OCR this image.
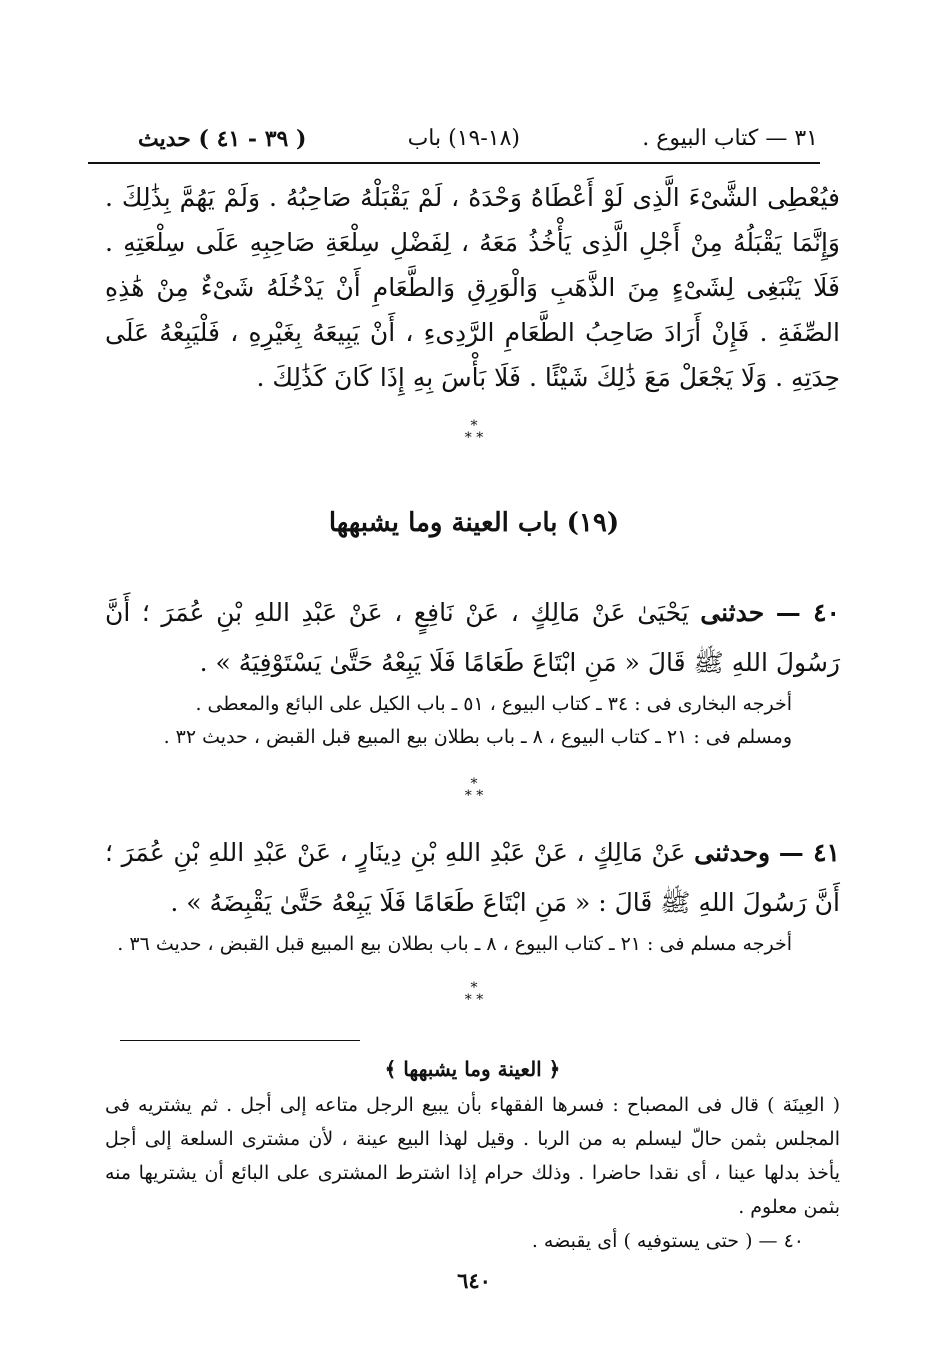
٣١ — كتاب البيوع .
(١٨-١٩) باب
( ٣٩ - ٤١ ) حديث

فيُعْطِى الشَّىْءَ الَّذِى لَوْ أَعْطَاهُ وَحْدَهُ ، لَمْ يَقْبَلْهُ صَاحِبُهُ . وَلَمْ يَهُمَّ بِذَٰلِكَ . وَإِنَّمَا يَقْبَلُهُ مِنْ أَجْلِ الَّذِى يَأْخُذُ مَعَهُ ، لِفَضْلِ سِلْعَةِ صَاحِبِهِ عَلَى سِلْعَتِهِ . فَلَا يَنْبَغِى لِشَىْءٍ مِنَ الذَّهَبِ وَالْوَرِقِ وَالطَّعَامِ أَنْ يَدْخُلَهُ شَىْءٌ مِنْ هَٰذِهِ الصِّفَةِ . فَإِنْ أَرَادَ صَاحِبُ الطَّعَامِ الرَّدِىءِ ، أَنْ يَبِيعَهُ بِغَيْرِهِ ، فَلْيَبِعْهُ عَلَى حِدَتِهِ . وَلَا يَجْعَلْ مَعَ ذَٰلِكَ شَيْئًا . فَلَا بَأْسَ بِهِ إِذَا كَانَ كَذَٰلِكَ .

*
* *
(١٩) باب العينة وما يشبهها

٤٠ — حدثنى يَحْيَىٰ عَنْ مَالِكٍ ، عَنْ نَافِعٍ ، عَنْ عَبْدِ اللهِ بْنِ عُمَرَ ؛ أَنَّ رَسُولَ اللهِ ﷺ قَالَ « مَنِ ابْتَاعَ طَعَامًا فَلَا يَبِعْهُ حَتَّىٰ يَسْتَوْفِيَهُ » .

أخرجه البخارى فى : ٣٤ ـ كتاب البيوع ، ٥١ ـ باب الكيل على البائع والمعطى .

ومسلم فى : ٢١ ـ كتاب البيوع ، ٨ ـ باب بطلان بيع المبيع قبل القبض ، حديث ٣٢ .

*
* *

٤١ — وحدثنى عَنْ مَالِكٍ ، عَنْ عَبْدِ اللهِ بْنِ دِينَارٍ ، عَنْ عَبْدِ اللهِ بْنِ عُمَرَ ؛ أَنَّ رَسُولَ اللهِ ﷺ قَالَ : « مَنِ ابْتَاعَ طَعَامًا فَلَا يَبِعْهُ حَتَّىٰ يَقْبِضَهُ » .

أخرجه مسلم فى : ٢١ ـ كتاب البيوع ، ٨ ـ باب بطلان بيع المبيع قبل القبض ، حديث ٣٦ .

*
* *

﴿ العينة وما يشبهها ﴾

( العِينَة ) قال فى المصباح : فسرها الفقهاء بأن يبيع الرجل متاعه إلى أجل . ثم يشتريه فى المجلس بثمن حالّ ليسلم به من الربا . وقيل لهذا البيع عينة ، لأن مشترى السلعة إلى أجل يأخذ بدلها عينا ، أى نقدا حاضرا . وذلك حرام إذا اشترط المشترى على البائع أن يشتريها منه بثمن معلوم .

٤٠ — ( حتى يستوفيه ) أى يقبضه .

٦٤٠
